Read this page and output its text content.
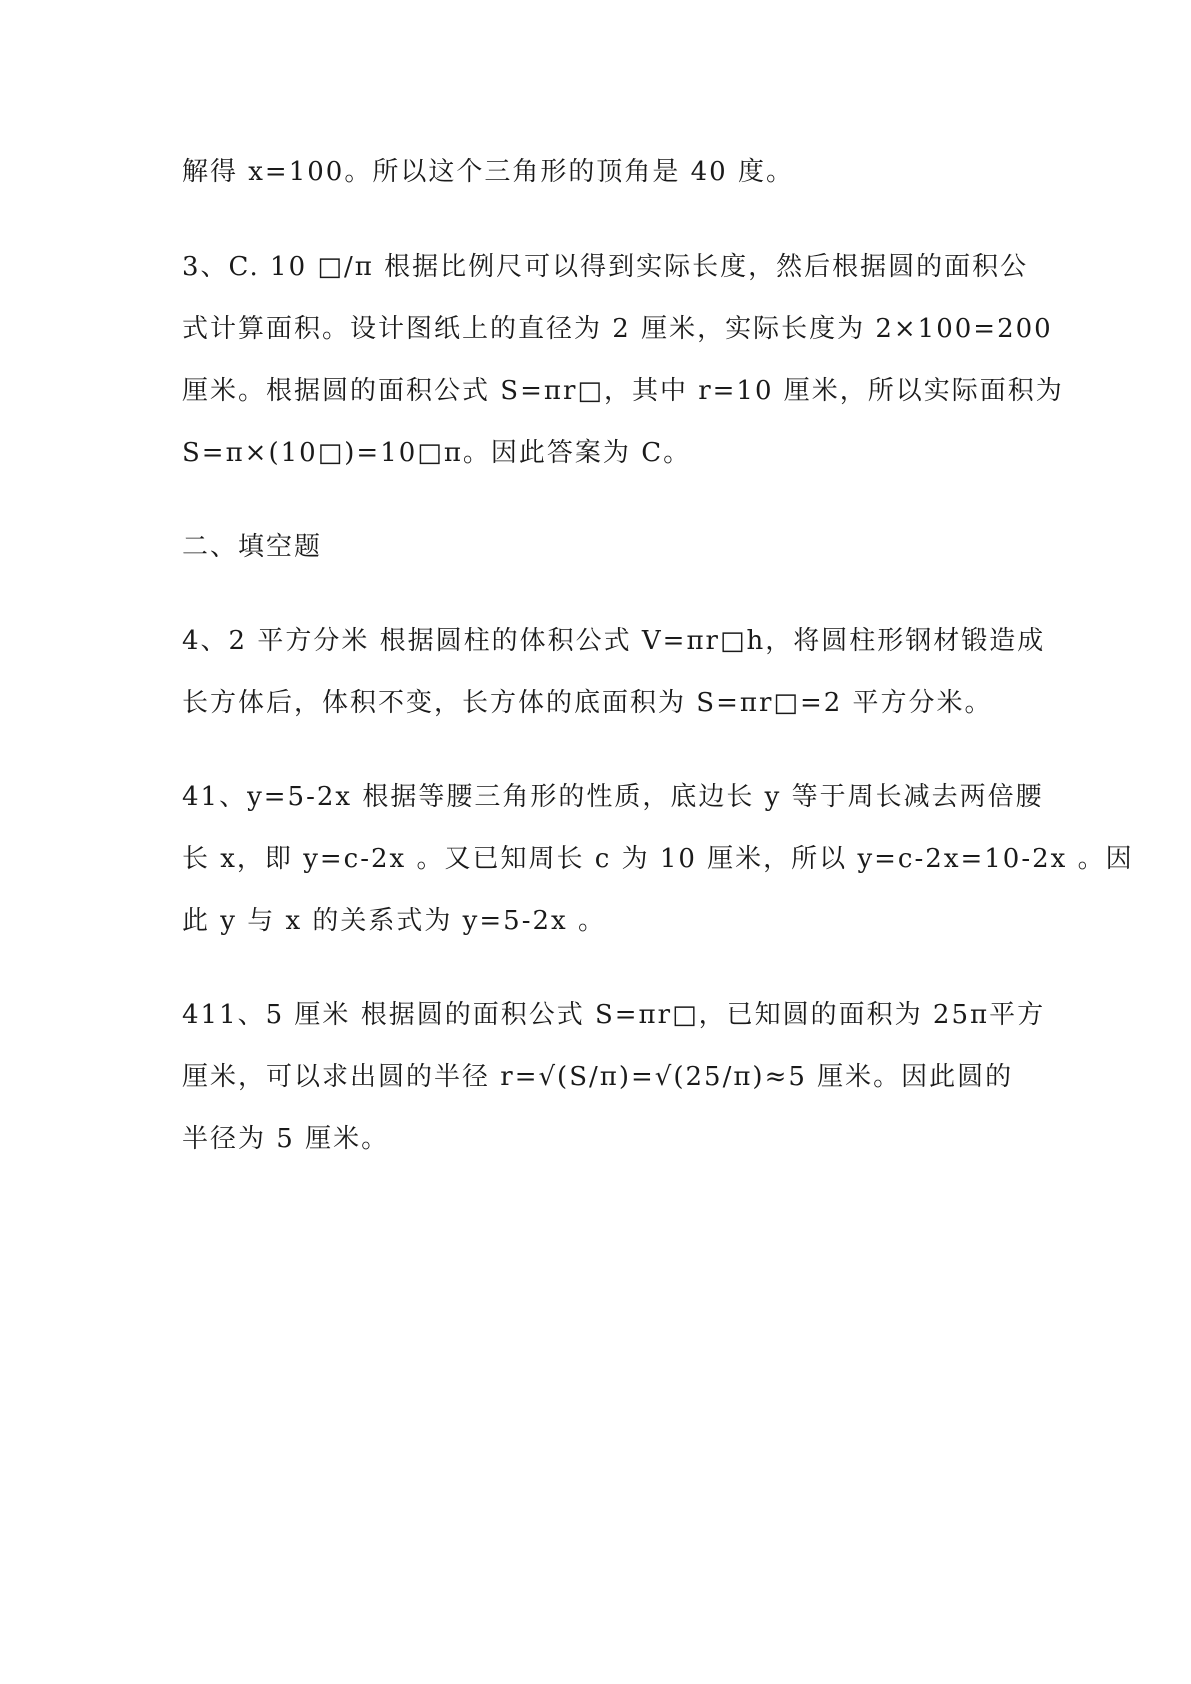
解得 x=100。所以这个三角形的顶角是 40 度。
3、C. 10 □/π 根据比例尺可以得到实际长度，然后根据圆的面积公
式计算面积。设计图纸上的直径为 2 厘米，实际长度为 2×100=200
厘米。根据圆的面积公式 S=πr□，其中 r=10 厘米，所以实际面积为
S=π×(10□)=10□π。因此答案为 C。
二、填空题
4、2 平方分米 根据圆柱的体积公式 V=πr□h，将圆柱形钢材锻造成
长方体后，体积不变，长方体的底面积为 S=πr□=2 平方分米。
41、y=5-2x 根据等腰三角形的性质，底边长 y 等于周长减去两倍腰
长 x，即 y=c-2x 。又已知周长 c 为 10 厘米，所以 y=c-2x=10-2x 。因
此 y 与 x 的关系式为 y=5-2x 。
411、5 厘米 根据圆的面积公式 S=πr□，已知圆的面积为 25π平方
厘米，可以求出圆的半径 r=√(S/π)=√(25/π)≈5 厘米。因此圆的
半径为 5 厘米。
